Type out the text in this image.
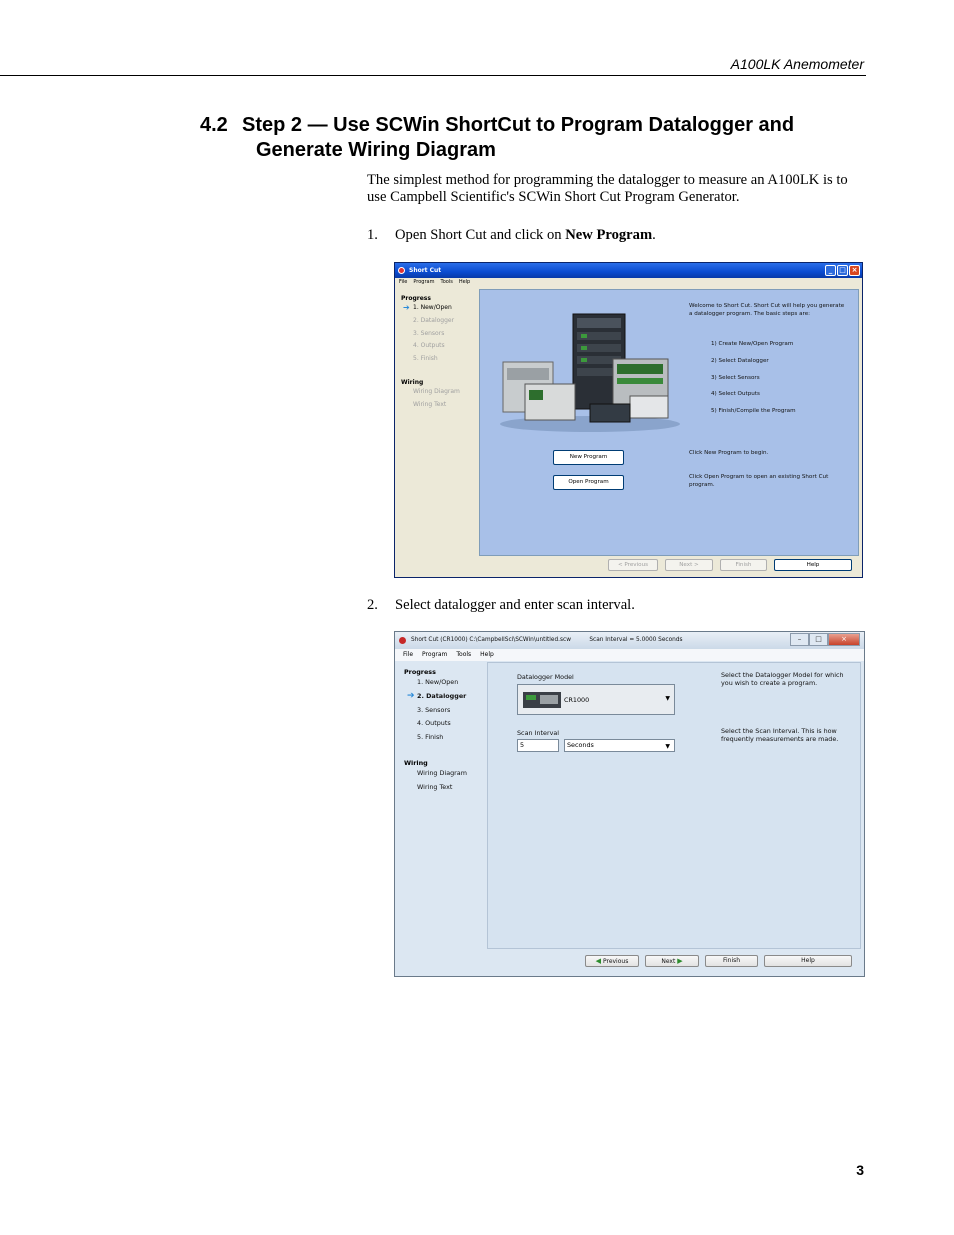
A100LK Anemometer
4.2 Step 2 — Use SCWin ShortCut to Program Datalogger and
Generate Wiring Diagram

The simplest method for programming the datalogger to measure an A100LK is to use Campbell Scientific's SCWin Short Cut Program Generator.

1. Open Short Cut and click on New Program.
Short Cut	_ □ ×
File Program Tools Help
Progress
➔ 1. New/Open
2. Datalogger
3. Sensors
4. Outputs
5. Finish
Wiring
Wiring Diagram
Wiring Text
Welcome to Short Cut. Short Cut will help you generate a datalogger program. The basic steps are:
1) Create New/Open Program
2) Select Datalogger
3) Select Sensors
4) Select Outputs
5) Finish/Compile the Program
New Program
Open Program
Click New Program to begin.
Click Open Program to open an existing Short Cut program.
< Previous	Next >	Finish	Help
2. Select datalogger and enter scan interval.
Short Cut (CR1000) C:\CampbellSci\SCWin\untitled.scw          Scan Interval = 5.0000 Seconds	–	□	×
File Program Tools Help
Progress
1. New/Open
➔ 2. Datalogger
3. Sensors
4. Outputs
5. Finish
Wiring
Wiring Diagram
Wiring Text
Datalogger Model
CR1000	▼
Scan Interval
5	Seconds	▼
Select the Datalogger Model for which you wish to create a program.
Select the Scan Interval. This is how frequently measurements are made.
◀ Previous	Next ▶	Finish	Help
3
